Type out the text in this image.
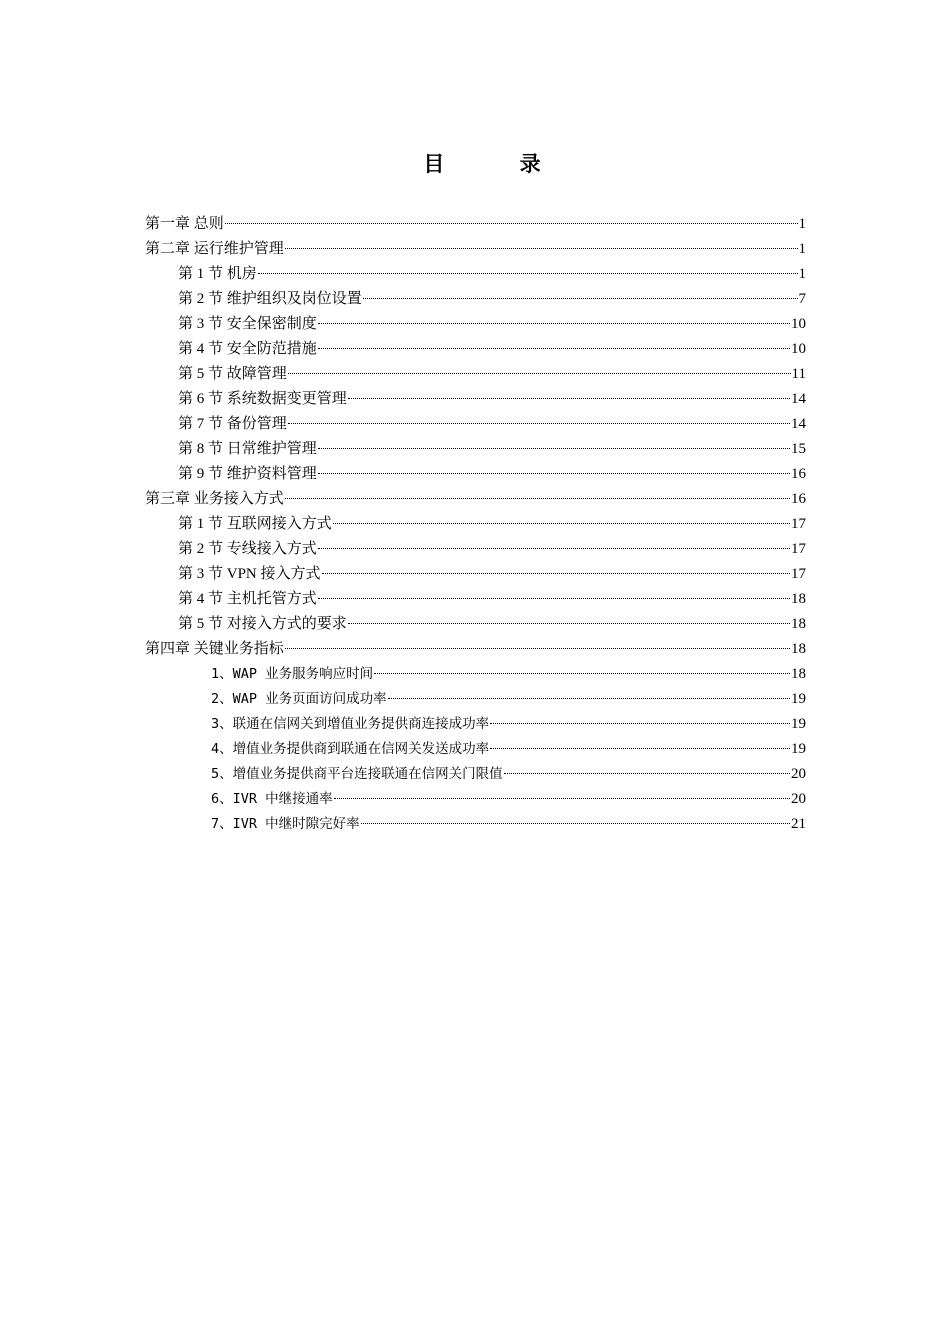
目 录
第一章 总则	1
第二章 运行维护管理	1
第 1 节 机房	1
第 2 节 维护组织及岗位设置	7
第 3 节 安全保密制度	10
第 4 节 安全防范措施	10
第 5 节 故障管理	11
第 6 节 系统数据变更管理	14
第 7 节 备份管理	14
第 8 节 日常维护管理	15
第 9 节 维护资料管理	16
第三章 业务接入方式	16
第 1 节 互联网接入方式	17
第 2 节 专线接入方式	17
第 3 节 VPN 接入方式	17
第 4 节 主机托管方式	18
第 5 节 对接入方式的要求	18
第四章 关键业务指标	18
1、WAP 业务服务响应时间	18
2、WAP 业务页面访问成功率	19
3、联通在信网关到增值业务提供商连接成功率	19
4、增值业务提供商到联通在信网关发送成功率	19
5、增值业务提供商平台连接联通在信网关门限值	20
6、IVR 中继接通率	20
7、IVR 中继时隙完好率	21
